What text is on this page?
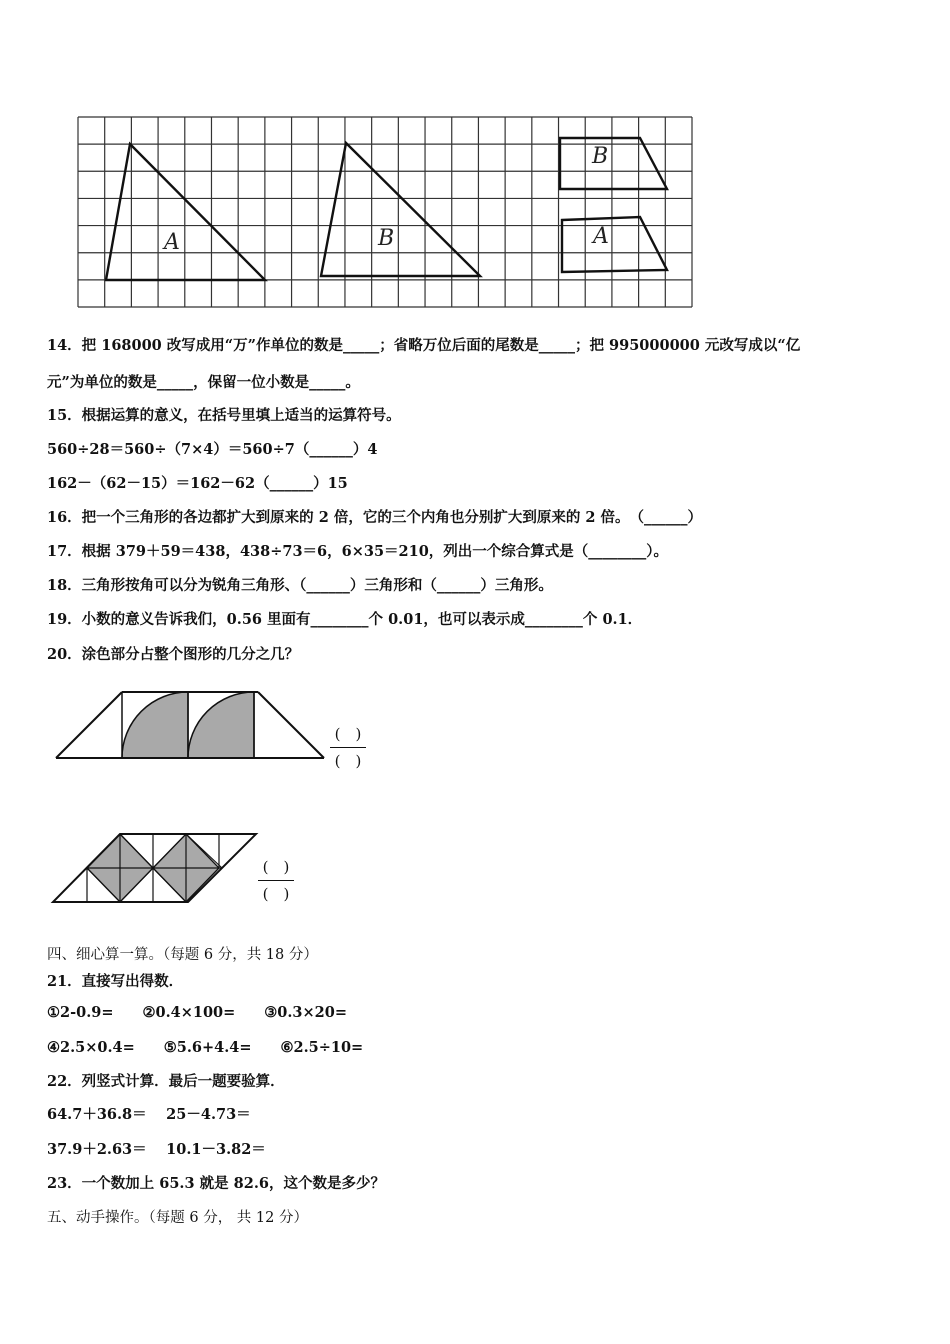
A	B
B
A
14．把 168000 改写成用“万”作单位的数是_____；省略万位后面的尾数是_____；把 995000000 元改写成以“亿
元”为单位的数是_____，保留一位小数是_____。
15．根据运算的意义，在括号里填上适当的运算符号。
560÷28＝560÷（7×4）＝560÷7（______）4
162－（62－15）＝162－62（______）15
16．把一个三角形的各边都扩大到原来的 2 倍，它的三个内角也分别扩大到原来的 2 倍。　（______）
17．根据 379＋59＝438，438÷73＝6，6×35＝210，列出一个综合算式是（________）。
18．三角形按角可以分为锐角三角形、（______）三角形和（______）三角形。
19．小数的意义告诉我们，0.56 里面有________个 0.01，也可以表示成________个 0.1．
20．涂色部分占整个图形的几分之几？
(　)
(　)
(　)
(　)
四、细心算一算。（每题 6 分，共 18 分）
21．直接写出得数．
①2-0.9=　　②0.4×100=　　③0.3×20=
④2.5×0.4=　　⑤5.6+4.4=　　⑥2.5÷10=
22．列竖式计算．最后一题要验算．
64.7＋36.8＝　 25－4.73＝
37.9＋2.63＝　 10.1－3.82＝
23．一个数加上 65.3 就是 82.6，这个数是多少？
五、动手操作。（每题 6 分， 共 12 分）
